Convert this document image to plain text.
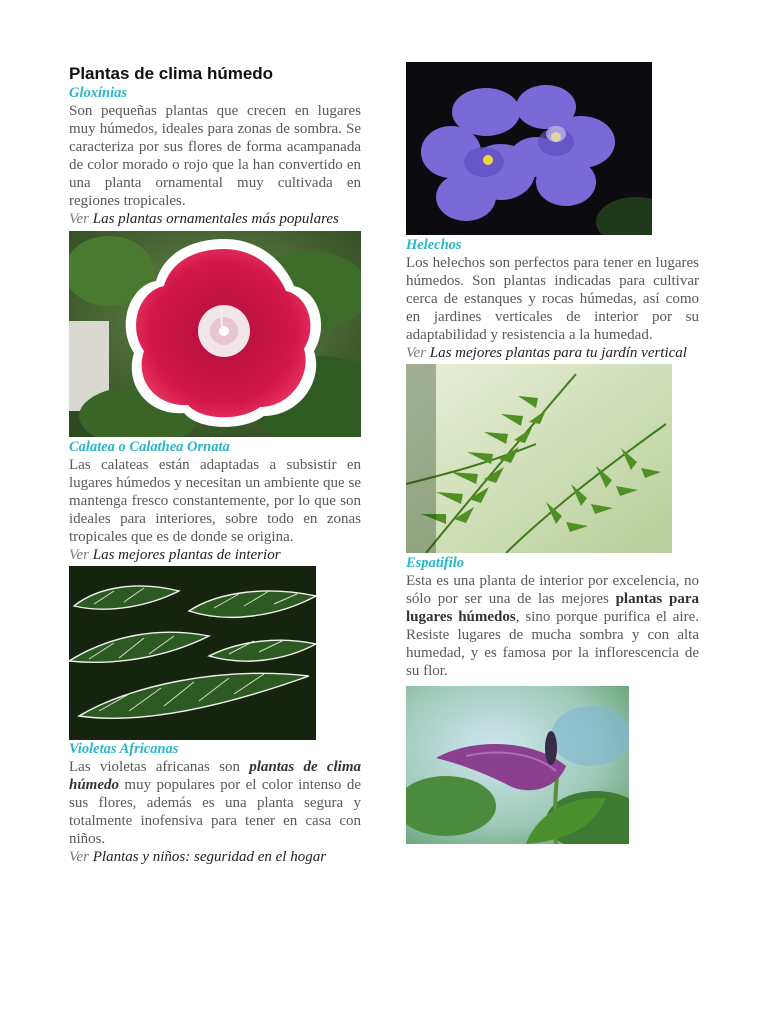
Plantas de clima húmedo
Gloxínias

Son pequeñas plantas que crecen en lugares muy húmedos, ideales para zonas de sombra. Se caracteriza por sus flores de forma acampanada de color morado o rojo que la han convertido en una planta ornamental muy cultivada en regiones tropicales.

Ver Las plantas ornamentales más populares

Calatea o Calathea Ornata

Las calateas están adaptadas a subsistir en lugares húmedos y necesitan un ambiente que se mantenga fresco constantemente, por lo que son ideales para interiores, sobre todo en zonas tropicales que es de donde se origina.

Ver Las mejores plantas de interior

Violetas Africanas

Las violetas africanas son plantas de clima húmedo muy populares por el color intenso de sus flores, además es una planta segura y totalmente inofensiva para tener en casa con niños.

Ver Plantas y niños: seguridad en el hogar

Helechos

Los helechos son perfectos para tener en lugares húmedos. Son plantas indicadas para cultivar cerca de estanques y rocas húmedas, así como en jardines verticales de interior por su adaptabilidad y resistencia a la humedad.

Ver Las mejores plantas para tu jardín vertical

Espatifilo

Esta es una planta de interior por excelencia, no sólo por ser una de las mejores plantas para lugares húmedos, sino porque purifica el aire. Resiste lugares de mucha sombra y con alta humedad, y es famosa por la inflorescencia de su flor.
